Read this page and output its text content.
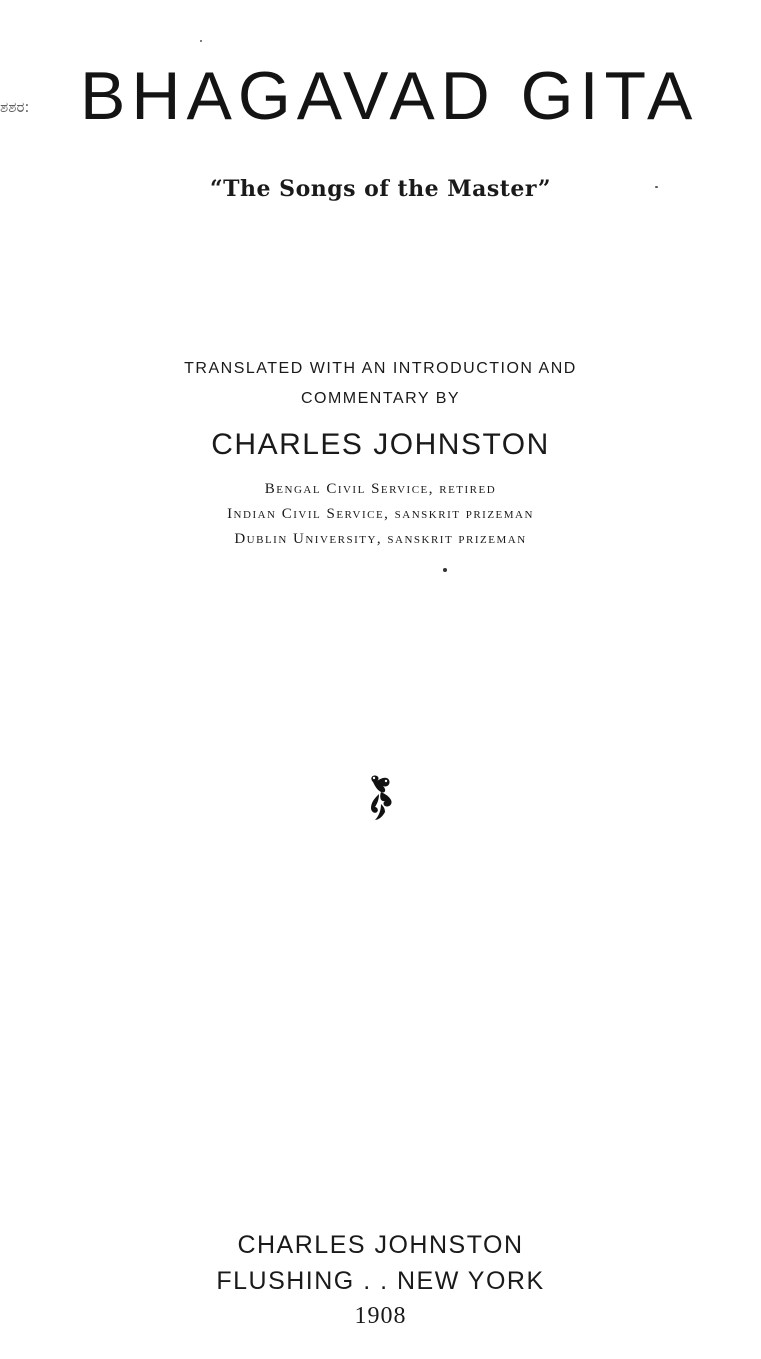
ಶಶರ: BHAGAVAD GITA
“The Songs of the Master”
TRANSLATED WITH AN INTRODUCTION AND
COMMENTARY BY
CHARLES JOHNSTON
Bengal Civil Service, retired
Indian Civil Service, sanskrit prizeman
Dublin University, sanskrit prizeman
CHARLES JOHNSTON
FLUSHING . . NEW YORK
1908
